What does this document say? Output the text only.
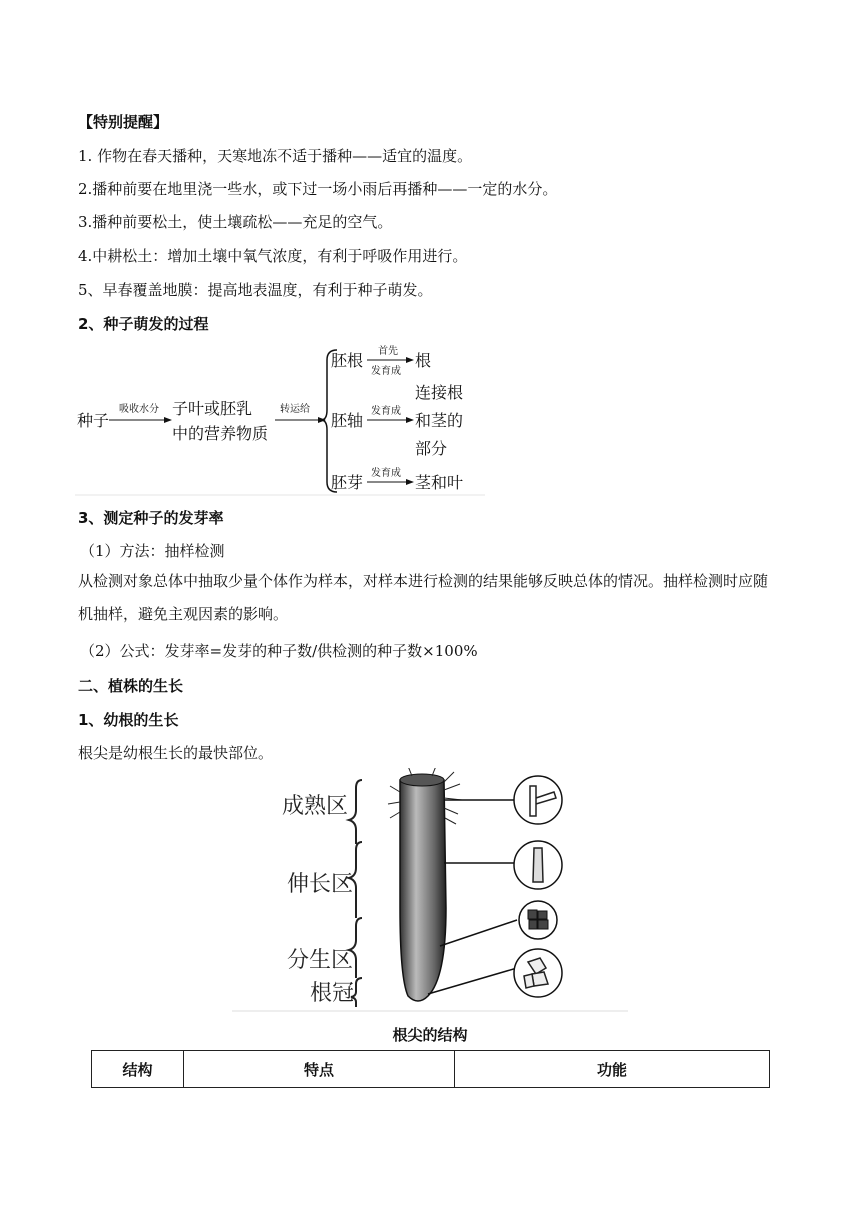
【特别提醒】
1. 作物在春天播种，天寒地冻不适于播种——适宜的温度。
2.播种前要在地里浇一些水，或下过一场小雨后再播种——一定的水分。
3.播种前要松土，使土壤疏松——充足的空气。
4.中耕松土：增加土壤中氧气浓度，有利于呼吸作用进行。
5、早春覆盖地膜：提高地表温度，有利于种子萌发。
2、种子萌发的过程
种子
吸收水分 子叶或胚乳
中的营养物质
转运给
胚根 首先
发育成
根
胚轴 发育成
连接根
和茎的
部分
胚芽 发育成 茎和叶
3、测定种子的发芽率
（1）方法：抽样检测
从检测对象总体中抽取少量个体作为样本，对样本进行检测的结果能够反映总体的情况。抽样检测时应随机抽样，避免主观因素的影响。
（2）公式：发芽率=发芽的种子数/供检测的种子数×100%
二、植株的生长
1、幼根的生长
根尖是幼根生长的最快部位。
成熟区
伸长区
分生区
根冠
根尖的结构
结构	特点	功能
